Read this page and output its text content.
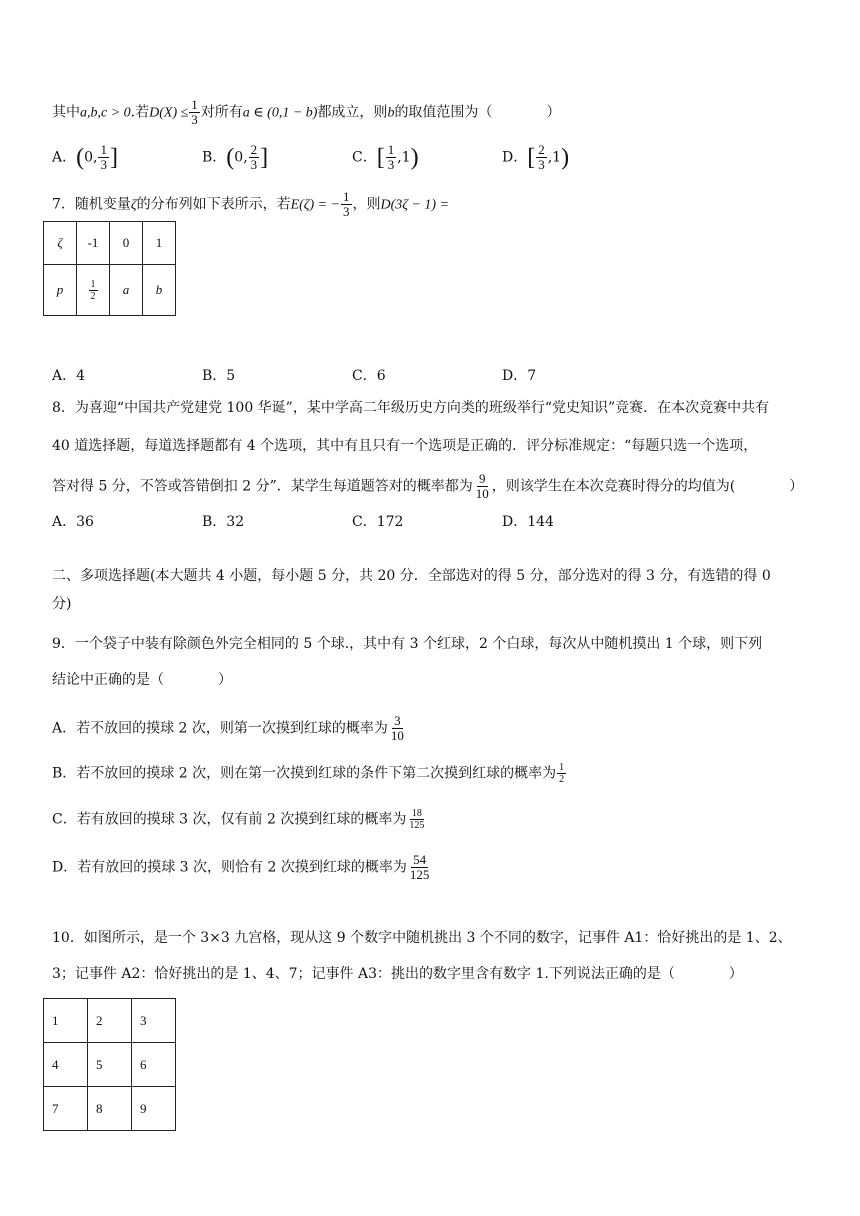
其中a,b,c > 0.若$D(X) \le \frac{1}{3}$ 对所有a ∈ (0,1 − b)都成立，则b的取值范围为（	）
A．(0, $\frac{1}{3}$ ]	B．(0, $\frac{2}{3}$ ]	C．[ $\frac{1}{3} ,1$)	D．[ $\frac{2}{3} ,1$)
7．随机变量ζ的分布列如下表所示，若E(ζ) = − $\frac{1}{3}$ ，则D(3ζ − 1) =
ζ	-1	0	1
p	$\frac{1}{2}$	a	b
A．4	B．5	C．6	D．7
8．为喜迎“中国共产党建党 100 华诞”，某中学高二年级历史方向类的班级举行“党史知识”竞赛．在本次竞赛中共有
40 道选择题，每道选择题都有 4 个选项，其中有且只有一个选项是正确的．评分标准规定：“每题只选一个选项，
答对得 5 分，不答或答错倒扣 2 分”．某学生每道题答对的概率都为 $\frac{9}{10}$ ，则该学生在本次竞赛时得分的均值为(	）
A．36	B．32	C．172	D．144
二、多项选择题(本大题共 4 小题，每小题 5 分，共 20 分．全部选对的得 5 分，部分选对的得 3 分，有选错的得 0
分)
9．一个袋子中装有除颜色外完全相同的 5 个球.，其中有 3 个红球，2 个白球，每次从中随机摸出 1 个球，则下列
结论中正确的是（	）
A．若不放回的摸球 2 次，则第一次摸到红球的概率为 $\frac{3}{10}$
B．若不放回的摸球 2 次，则在第一次摸到红球的条件下第二次摸到红球的概率为 $\frac{1}{2}$
C．若有放回的摸球 3 次，仅有前 2 次摸到红球的概率为 $\frac{18}{125}$
D．若有放回的摸球 3 次，则恰有 2 次摸到红球的概率为 $\frac{54}{125}$
10．如图所示，是一个 3×3 九宫格，现从这 9 个数字中随机挑出 3 个不同的数字，记事件 A1：恰好挑出的是 1、2、
3；记事件 A2：恰好挑出的是 1、4、7；记事件 A3：挑出的数字里含有数字 1.下列说法正确的是（	）
1	2	3
4	5	6
7	8	9
